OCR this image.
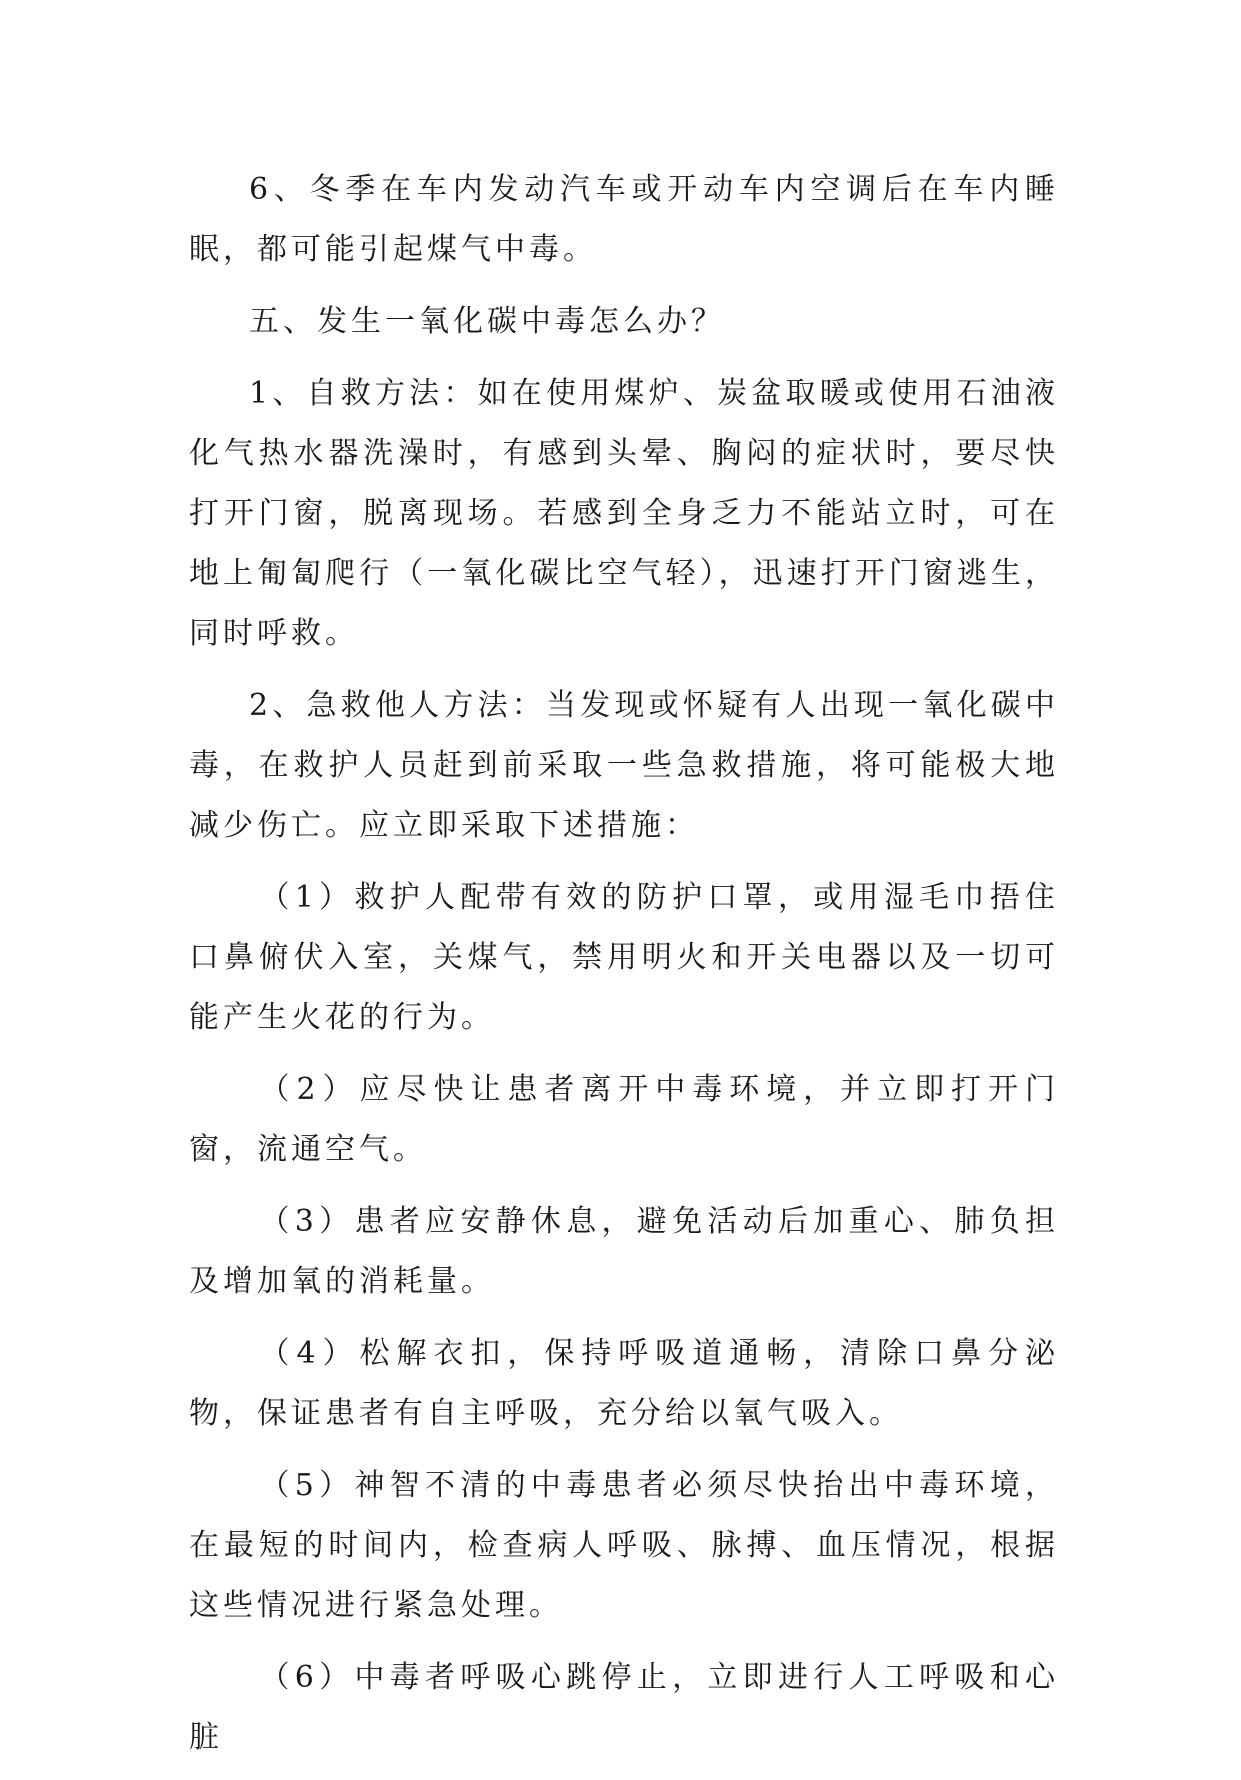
6、冬季在车内发动汽车或开动车内空调后在车内睡眠，都可能引起煤气中毒。

五、发生一氧化碳中毒怎么办？

1、自救方法：如在使用煤炉、炭盆取暖或使用石油液化气热水器洗澡时，有感到头晕、胸闷的症状时，要尽快打开门窗，脱离现场。若感到全身乏力不能站立时，可在地上匍匐爬行（一氧化碳比空气轻），迅速打开门窗逃生，同时呼救。

2、急救他人方法：当发现或怀疑有人出现一氧化碳中毒，在救护人员赶到前采取一些急救措施，将可能极大地减少伤亡。应立即采取下述措施：

（1）救护人配带有效的防护口罩，或用湿毛巾捂住口鼻俯伏入室，关煤气，禁用明火和开关电器以及一切可能产生火花的行为。

（2）应尽快让患者离开中毒环境，并立即打开门窗，流通空气。

（3）患者应安静休息，避免活动后加重心、肺负担及增加氧的消耗量。

（4）松解衣扣，保持呼吸道通畅，清除口鼻分泌物，保证患者有自主呼吸，充分给以氧气吸入。

（5）神智不清的中毒患者必须尽快抬出中毒环境，在最短的时间内，检查病人呼吸、脉搏、血压情况，根据这些情况进行紧急处理。

（6）中毒者呼吸心跳停止，立即进行人工呼吸和心脏
